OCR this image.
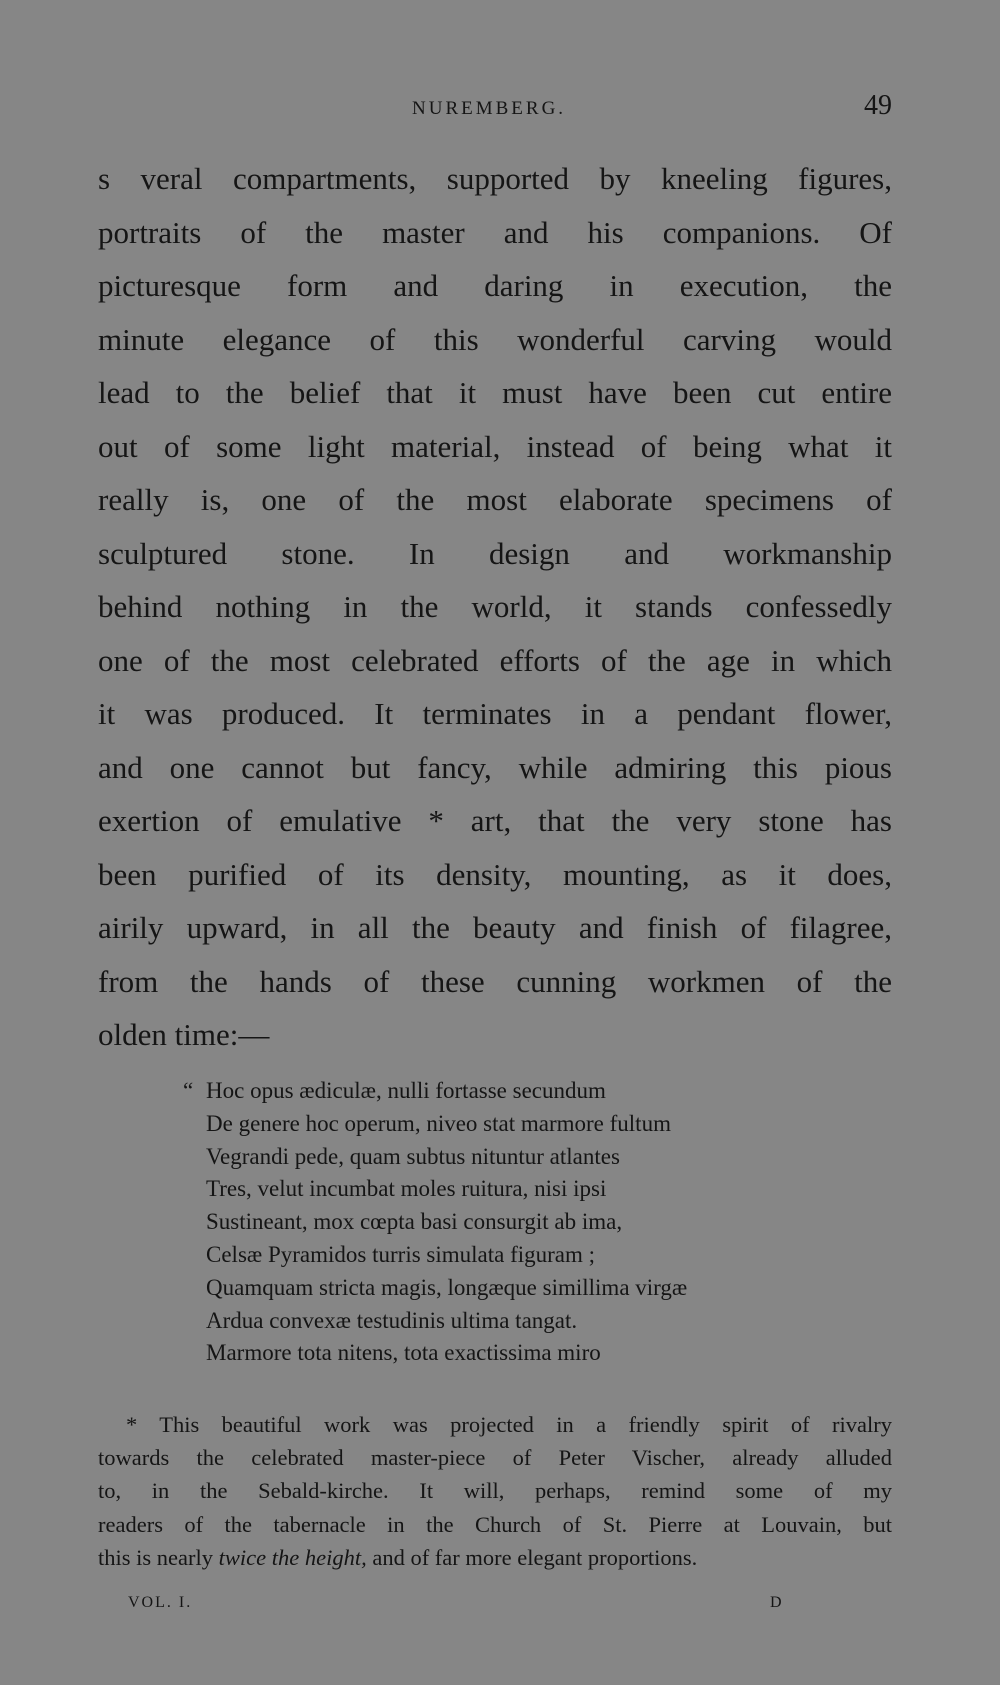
NUREMBERG.	49
s veral compartments, supported by kneeling figures,
portraits of the master and his companions. Of
picturesque form and daring in execution, the
minute elegance of this wonderful carving would
lead to the belief that it must have been cut entire
out of some light material, instead of being what it
really is, one of the most elaborate specimens of
sculptured stone. In design and workmanship
behind nothing in the world, it stands confessedly
one of the most celebrated efforts of the age in which
it was produced. It terminates in a pendant flower,
and one cannot but fancy, while admiring this pious
exertion of emulative * art, that the very stone has
been purified of its density, mounting, as it does,
airily upward, in all the beauty and finish of filagree,
from the hands of these cunning workmen of the
olden time:—
“ Hoc opus ædiculæ, nulli fortasse secundum
De genere hoc operum, niveo stat marmore fultum
Vegrandi pede, quam subtus nituntur atlantes
Tres, velut incumbat moles ruitura, nisi ipsi
Sustineant, mox cœpta basi consurgit ab ima,
Celsæ Pyramidos turris simulata figuram ;
Quamquam stricta magis, longæque simillima virgæ
Ardua convexæ testudinis ultima tangat.
Marmore tota nitens, tota exactissima miro
* This beautiful work was projected in a friendly spirit of rivalry
towards the celebrated master-piece of Peter Vischer, already alluded
to, in the Sebald-kirche. It will, perhaps, remind some of my
readers of the tabernacle in the Church of St. Pierre at Louvain, but
this is nearly twice the height, and of far more elegant proportions.
VOL. I.	D
